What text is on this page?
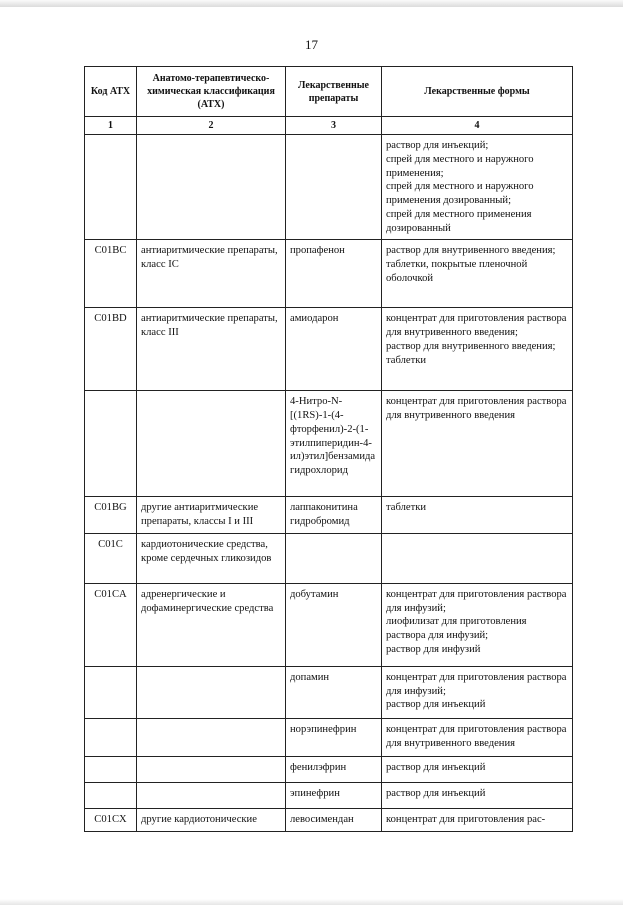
17
Код АТХ	Анатомо-терапевтическо-химическая классификация (АТХ)	Лекарственные препараты	Лекарственные формы
1	2	3	4

			раствор для инъекций;
спрей для местного и наружного применения;
спрей для местного и наружного применения дозированный;
спрей для местного применения дозированный

C01BC	антиаритмические препараты, класс IC	пропафенон	раствор для внутривенного введения;
таблетки, покрытые пленочной оболочкой

C01BD	антиаритмические препараты, класс III	амиодарон	концентрат для приготовления раствора для внутривенного введения;
раствор для внутривенного введения;
таблетки

		4-Нитро-N-[(1RS)-1-(4-фторфенил)-2-(1-этилпиперидин-4-ил)этил]бензамида гидрохлорид	концентрат для приготовления раствора для внутривенного введения

C01BG	другие антиаритмические препараты, классы I и III	лаппаконитина гидробромид	таблетки

C01C	кардиотонические средства, кроме сердечных гликозидов		
C01CA	адренергические и дофаминергические средства	добутамин	концентрат для приготовления раствора для инфузий;
лиофилизат для приготовления раствора для инфузий;
раствор для инфузий

		допамин	концентрат для приготовления раствора для инфузий;
раствор для инъекций

		норэпинефрин	концентрат для приготовления раствора для внутривенного введения

		фенилэфрин	раствор для инъекций

		эпинефрин	раствор для инъекций

C01CX	другие кардиотонические	левосимендан	концентрат для приготовления рас-
